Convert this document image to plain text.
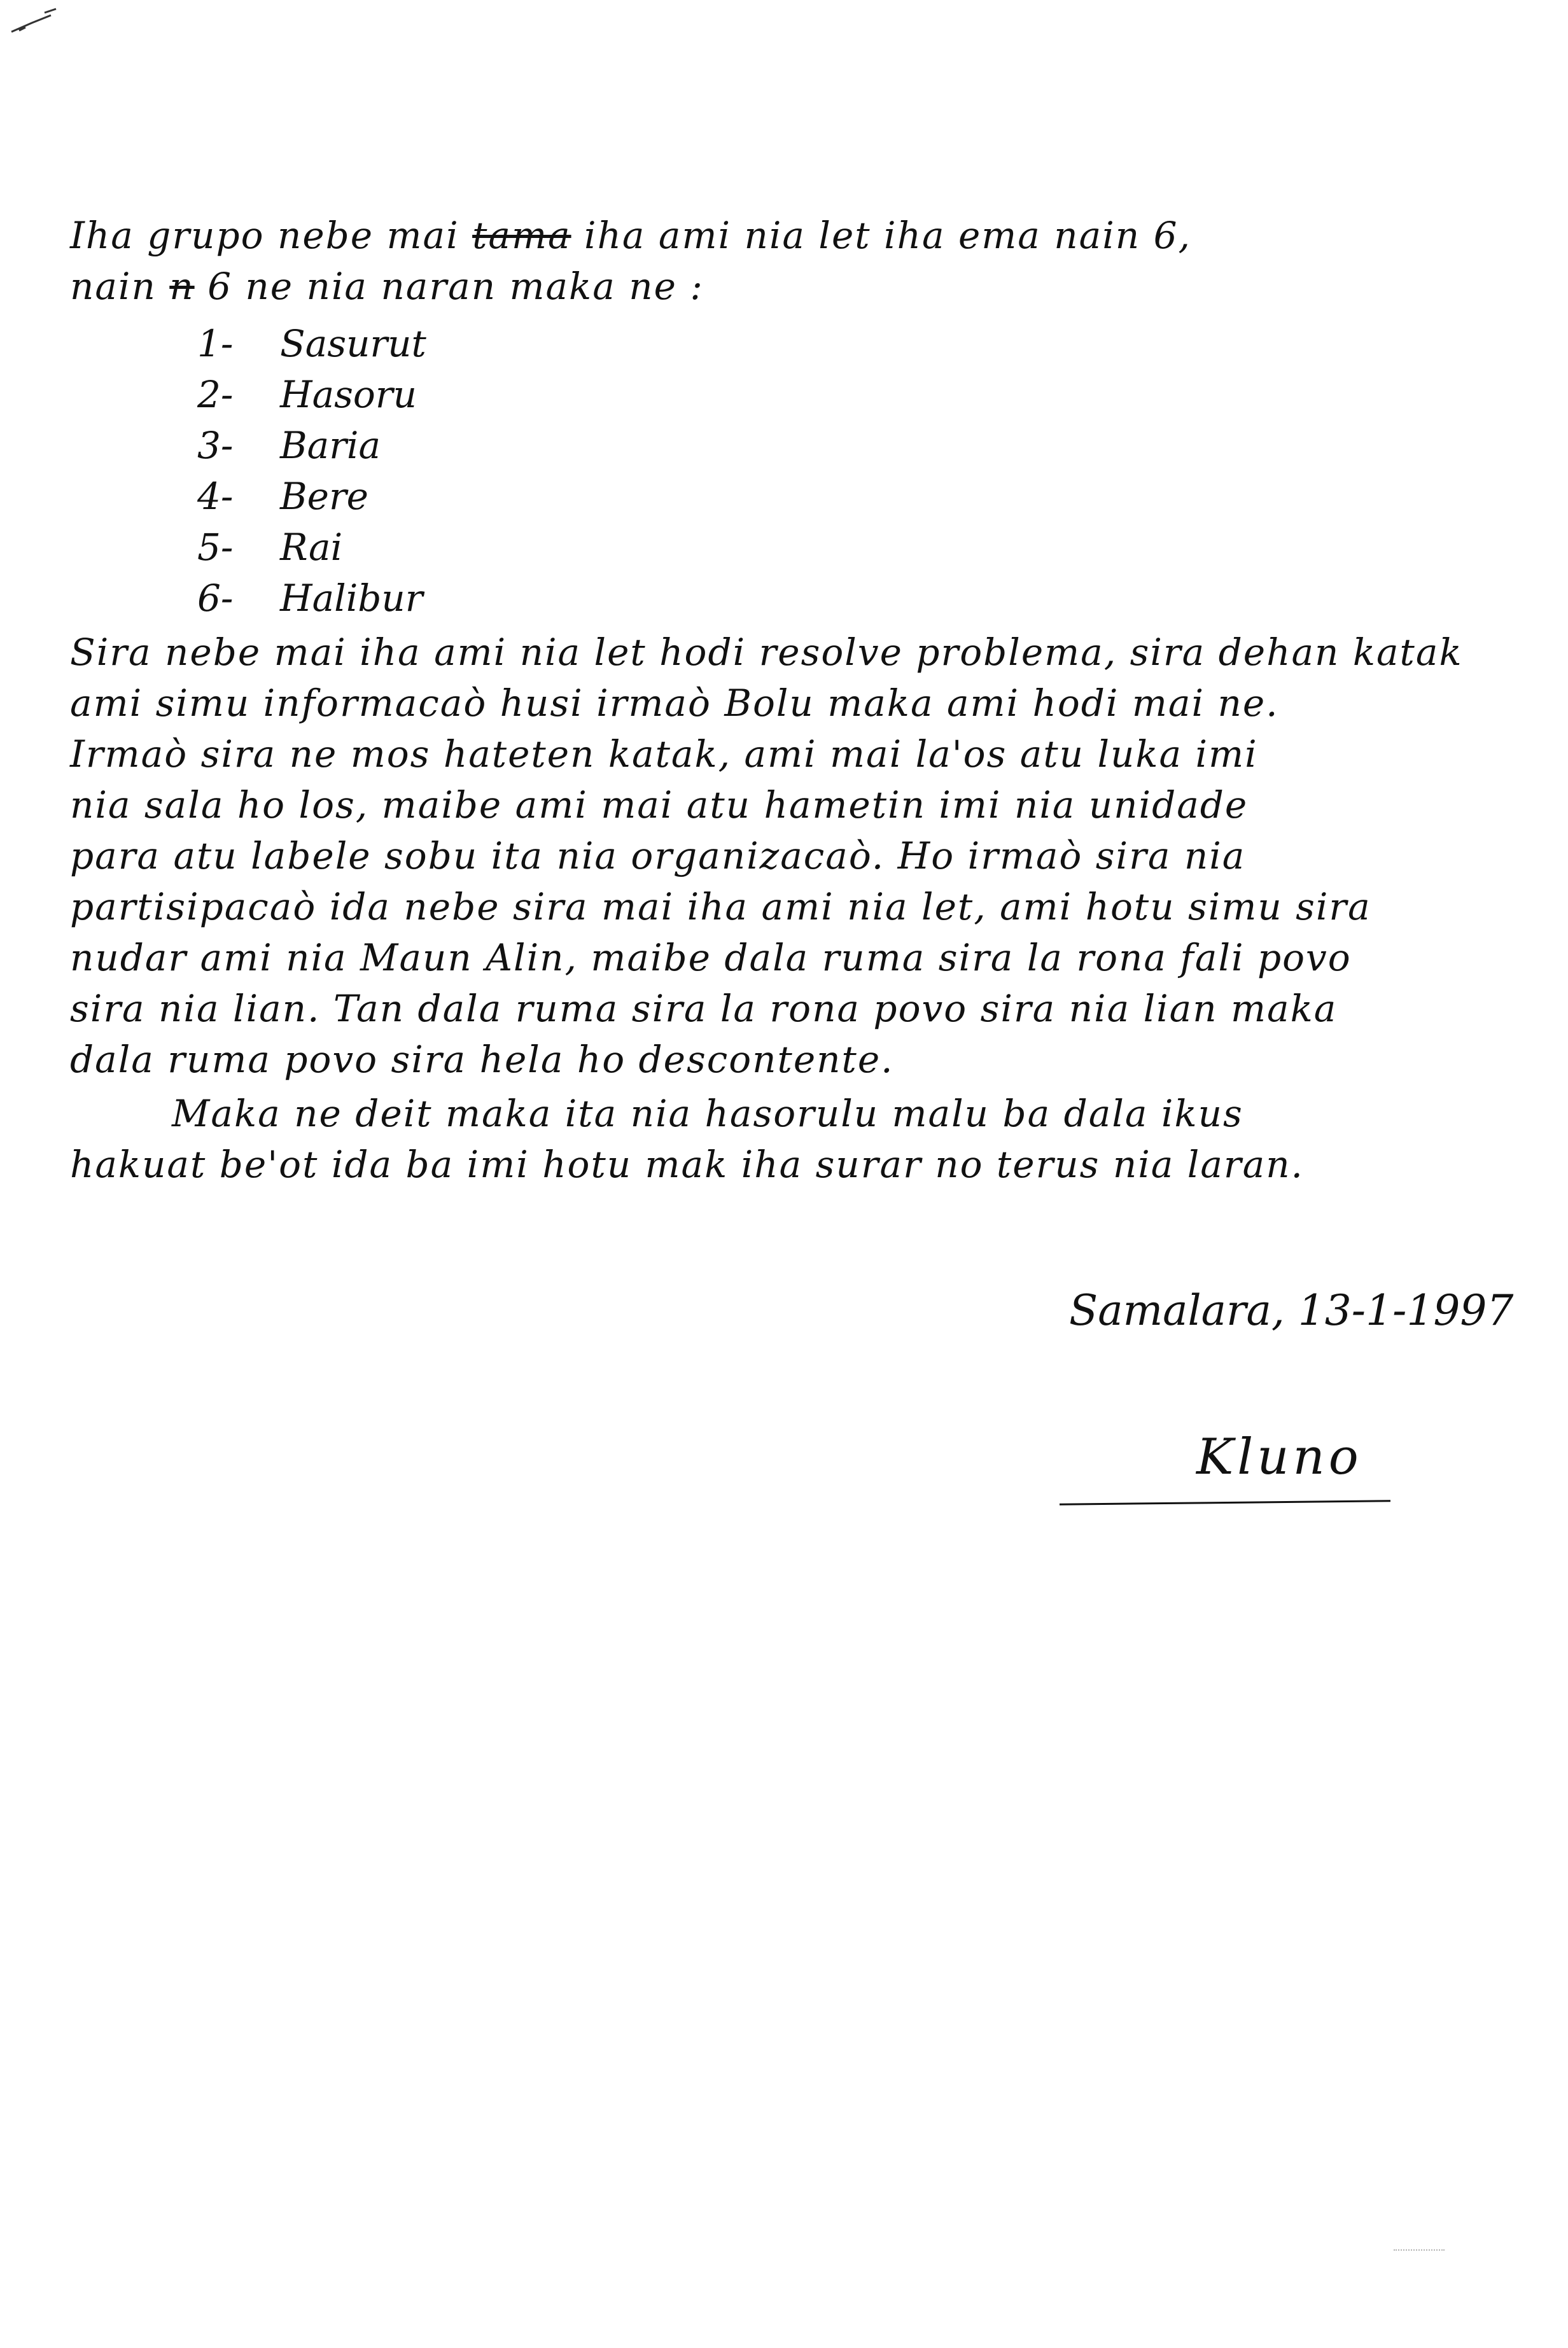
Iha grupo nebe mai tama iha ami nia let iha ema nain 6,
nain n 6 ne nia naran maka ne :
1- Sasurut
2- Hasoru
3- Baria
4- Bere
5- Rai
6- Halibur
Sira nebe mai iha ami nia let hodi resolve problema, sira dehan katak
ami simu informacaò husi irmaò Bolu maka ami hodi mai ne.
Irmaò sira ne mos hateten katak, ami mai la'os atu luka imi
nia sala ho los, maibe ami mai atu hametin imi nia unidade
para atu labele sobu ita nia organizacaò. Ho irmaò sira nia
partisipacaò ida nebe sira mai iha ami nia let, ami hotu simu sira
nudar ami nia Maun Alin, maibe dala ruma sira la rona fali povo
sira nia lian. Tan dala ruma sira la rona povo sira nia lian maka
dala ruma povo sira hela ho descontente.
Maka ne deit maka ita nia hasorulu malu ba dala ikus
hakuat be'ot ida ba imi hotu mak iha surar no terus nia laran.
Samalara, 13-1-1997
Kluno
